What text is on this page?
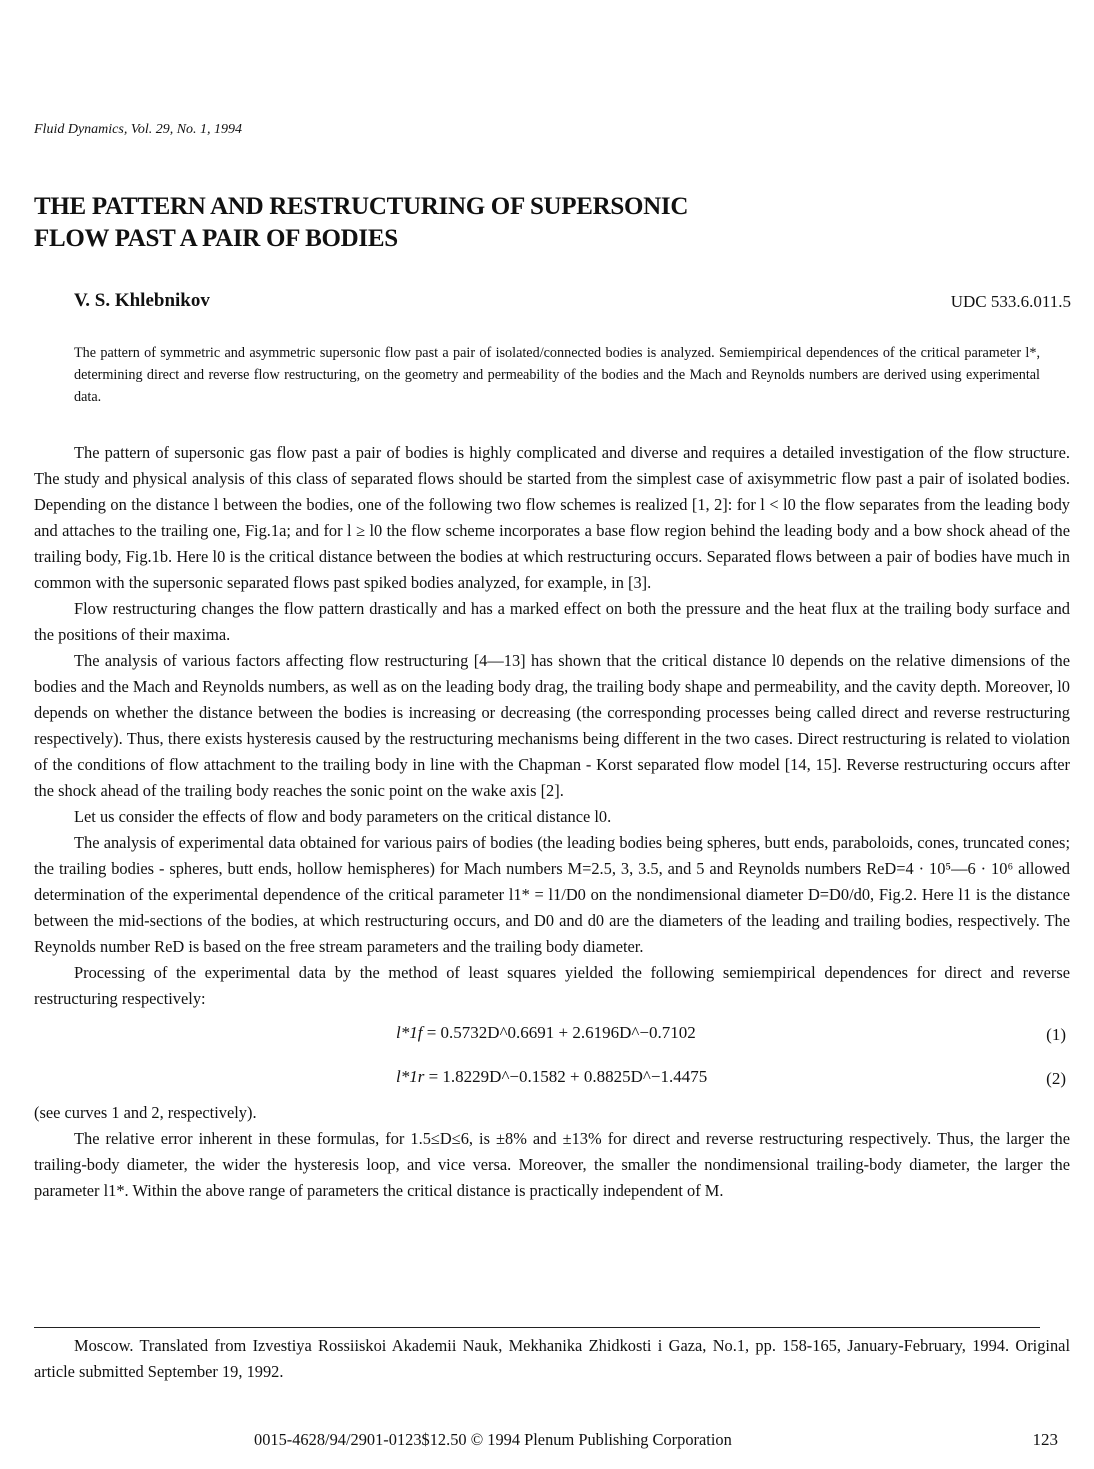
Fluid Dynamics, Vol. 29, No. 1, 1994
THE PATTERN AND RESTRUCTURING OF SUPERSONIC
FLOW PAST A PAIR OF BODIES
V. S. Khlebnikov	UDC 533.6.011.5
The pattern of symmetric and asymmetric supersonic flow past a pair of isolated/connected bodies is analyzed. Semiempirical dependences of the critical parameter l*, determining direct and reverse flow restructuring, on the geometry and permeability of the bodies and the Mach and Reynolds numbers are derived using experimental data.

The pattern of supersonic gas flow past a pair of bodies is highly complicated and diverse and requires a detailed investigation of the flow structure. The study and physical analysis of this class of separated flows should be started from the simplest case of axisymmetric flow past a pair of isolated bodies. Depending on the distance l between the bodies, one of the following two flow schemes is realized [1, 2]: for l < l0 the flow separates from the leading body and attaches to the trailing one, Fig.1a; and for l ≥ l0 the flow scheme incorporates a base flow region behind the leading body and a bow shock ahead of the trailing body, Fig.1b. Here l0 is the critical distance between the bodies at which restructuring occurs. Separated flows between a pair of bodies have much in common with the supersonic separated flows past spiked bodies analyzed, for example, in [3].

Flow restructuring changes the flow pattern drastically and has a marked effect on both the pressure and the heat flux at the trailing body surface and the positions of their maxima.

The analysis of various factors affecting flow restructuring [4—13] has shown that the critical distance l0 depends on the relative dimensions of the bodies and the Mach and Reynolds numbers, as well as on the leading body drag, the trailing body shape and permeability, and the cavity depth. Moreover, l0 depends on whether the distance between the bodies is increasing or decreasing (the corresponding processes being called direct and reverse restructuring respectively). Thus, there exists hysteresis caused by the restructuring mechanisms being different in the two cases. Direct restructuring is related to violation of the conditions of flow attachment to the trailing body in line with the Chapman - Korst separated flow model [14, 15]. Reverse restructuring occurs after the shock ahead of the trailing body reaches the sonic point on the wake axis [2].

Let us consider the effects of flow and body parameters on the critical distance l0.

The analysis of experimental data obtained for various pairs of bodies (the leading bodies being spheres, butt ends, paraboloids, cones, truncated cones; the trailing bodies - spheres, butt ends, hollow hemispheres) for Mach numbers M=2.5, 3, 3.5, and 5 and Reynolds numbers ReD=4 · 10⁵—6 · 10⁶ allowed determination of the experimental dependence of the critical parameter l1* = l1/D0 on the nondimensional diameter D=D0/d0, Fig.2. Here l1 is the distance between the mid-sections of the bodies, at which restructuring occurs, and D0 and d0 are the diameters of the leading and trailing bodies, respectively. The Reynolds number ReD is based on the free stream parameters and the trailing body diameter.

Processing of the experimental data by the method of least squares yielded the following semiempirical dependences for direct and reverse restructuring respectively:

l*1f = 0.5732D^0.6691 + 2.6196D^−0.7102	(1)
l*1r = 1.8229D^−0.1582 + 0.8825D^−1.4475	(2)

(see curves 1 and 2, respectively).

The relative error inherent in these formulas, for 1.5≤D≤6, is ±8% and ±13% for direct and reverse restructuring respectively. Thus, the larger the trailing-body diameter, the wider the hysteresis loop, and vice versa. Moreover, the smaller the nondimensional trailing-body diameter, the larger the parameter l1*. Within the above range of parameters the critical distance is practically independent of M.

Moscow. Translated from Izvestiya Rossiiskoi Akademii Nauk, Mekhanika Zhidkosti i Gaza, No.1, pp. 158-165, January-February, 1994. Original article submitted September 19, 1992.
0015-4628/94/2901-0123$12.50 © 1994 Plenum Publishing Corporation	123
